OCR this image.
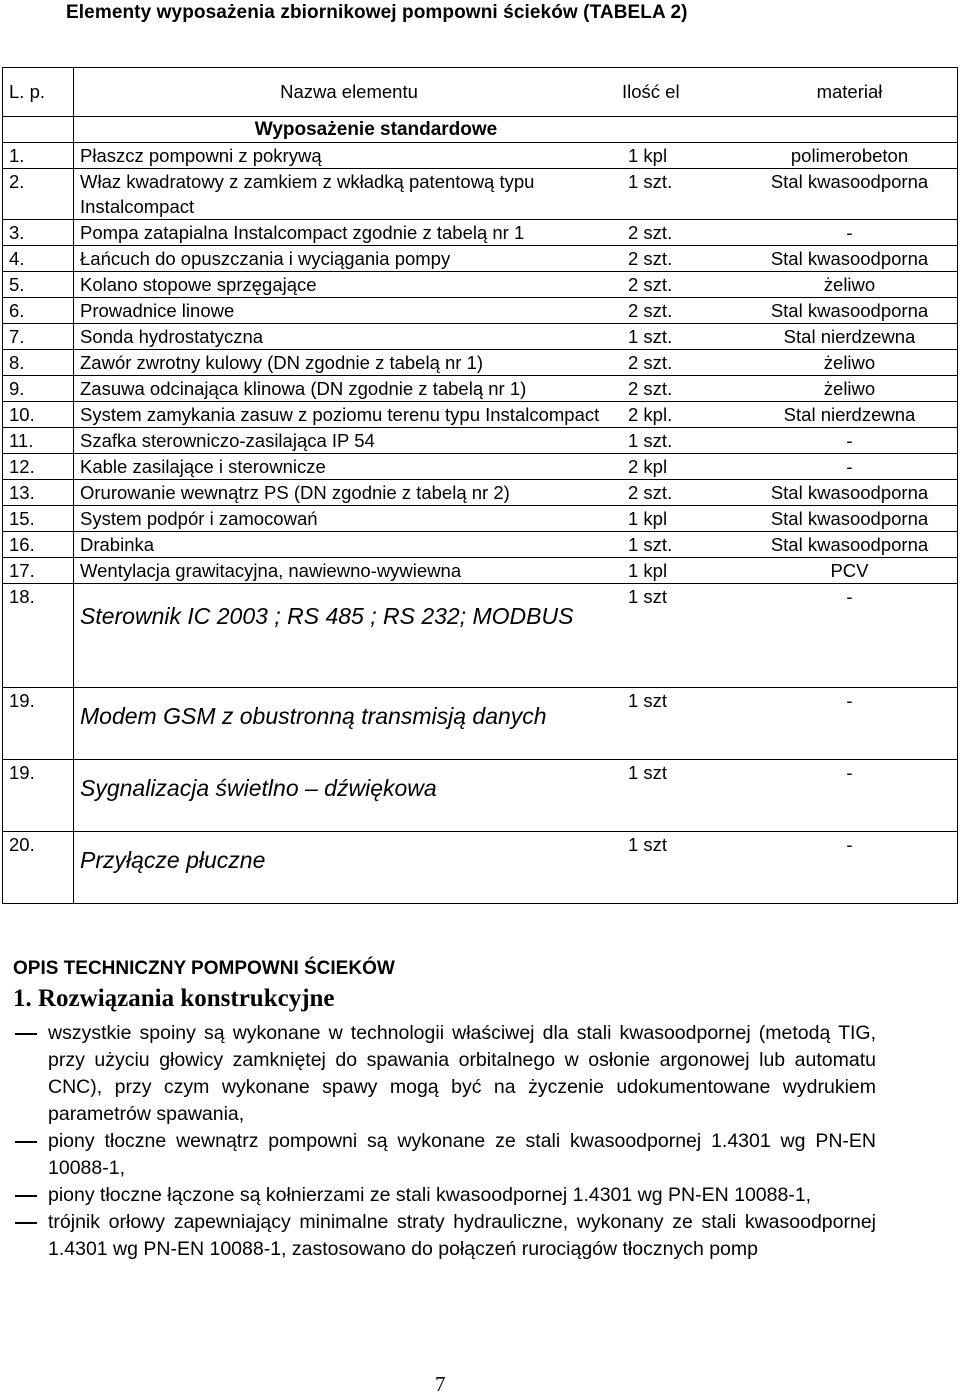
Elementy wyposażenia zbiornikowej pompowni ścieków (TABELA 2)
L. p.	Nazwa elementu	Ilość el	materiał
	Wyposażenie standardowe		
1.	Płaszcz pompowni z pokrywą	1 kpl	polimerobeton
2.	Właz kwadratowy z zamkiem z wkładką patentową typu Instalcompact	1 szt.	Stal kwasoodporna
3.	Pompa zatapialna Instalcompact zgodnie z tabelą nr 1	2 szt.	-
4.	Łańcuch do opuszczania i wyciągania pompy	2 szt.	Stal kwasoodporna
5.	Kolano stopowe sprzęgające	2 szt.	żeliwo
6.	Prowadnice linowe	2 szt.	Stal kwasoodporna
7.	Sonda hydrostatyczna	1 szt.	Stal nierdzewna
8.	Zawór zwrotny kulowy (DN zgodnie z tabelą nr 1)	2 szt.	żeliwo
9.	Zasuwa odcinająca klinowa (DN zgodnie z tabelą nr 1)	2 szt.	żeliwo
10.	System zamykania zasuw z poziomu terenu typu Instalcompact	2 kpl.	Stal nierdzewna
11.	Szafka sterowniczo-zasilająca IP 54	1 szt.	-
12.	Kable zasilające i sterownicze	2 kpl	-
13.	Orurowanie wewnątrz PS (DN zgodnie z tabelą nr 2)	2 szt.	Stal kwasoodporna
15.	System podpór i zamocowań	1 kpl	Stal kwasoodporna
16.	Drabinka	1 szt.	Stal kwasoodporna
17.	Wentylacja grawitacyjna, nawiewno-wywiewna	1 kpl	PCV
18.	Sterownik IC 2003 ; RS 485 ; RS 232; MODBUS	1 szt	-
19.	Modem GSM z obustronną transmisją danych	1 szt	-
19.	Sygnalizacja świetlno – dźwiękowa	1 szt	-
20.	Przyłącze płuczne	1 szt	-
OPIS TECHNICZNY POMPOWNI ŚCIEKÓW
1. Rozwiązania konstrukcyjne
wszystkie spoiny są wykonane w technologii właściwej dla stali kwasoodpornej (metodą TIG, przy użyciu głowicy zamkniętej do spawania orbitalnego w osłonie argonowej lub automatu CNC), przy czym wykonane spawy mogą być na życzenie udokumentowane wydrukiem parametrów spawania,
piony tłoczne wewnątrz pompowni są wykonane ze stali kwasoodpornej 1.4301 wg PN-EN 10088-1,
piony tłoczne łączone są kołnierzami ze stali kwasoodpornej 1.4301 wg PN-EN 10088-1,
trójnik orłowy zapewniający minimalne straty hydrauliczne, wykonany ze stali kwasoodpornej 1.4301 wg PN-EN 10088-1, zastosowano do połączeń rurociągów tłocznych pomp
7
